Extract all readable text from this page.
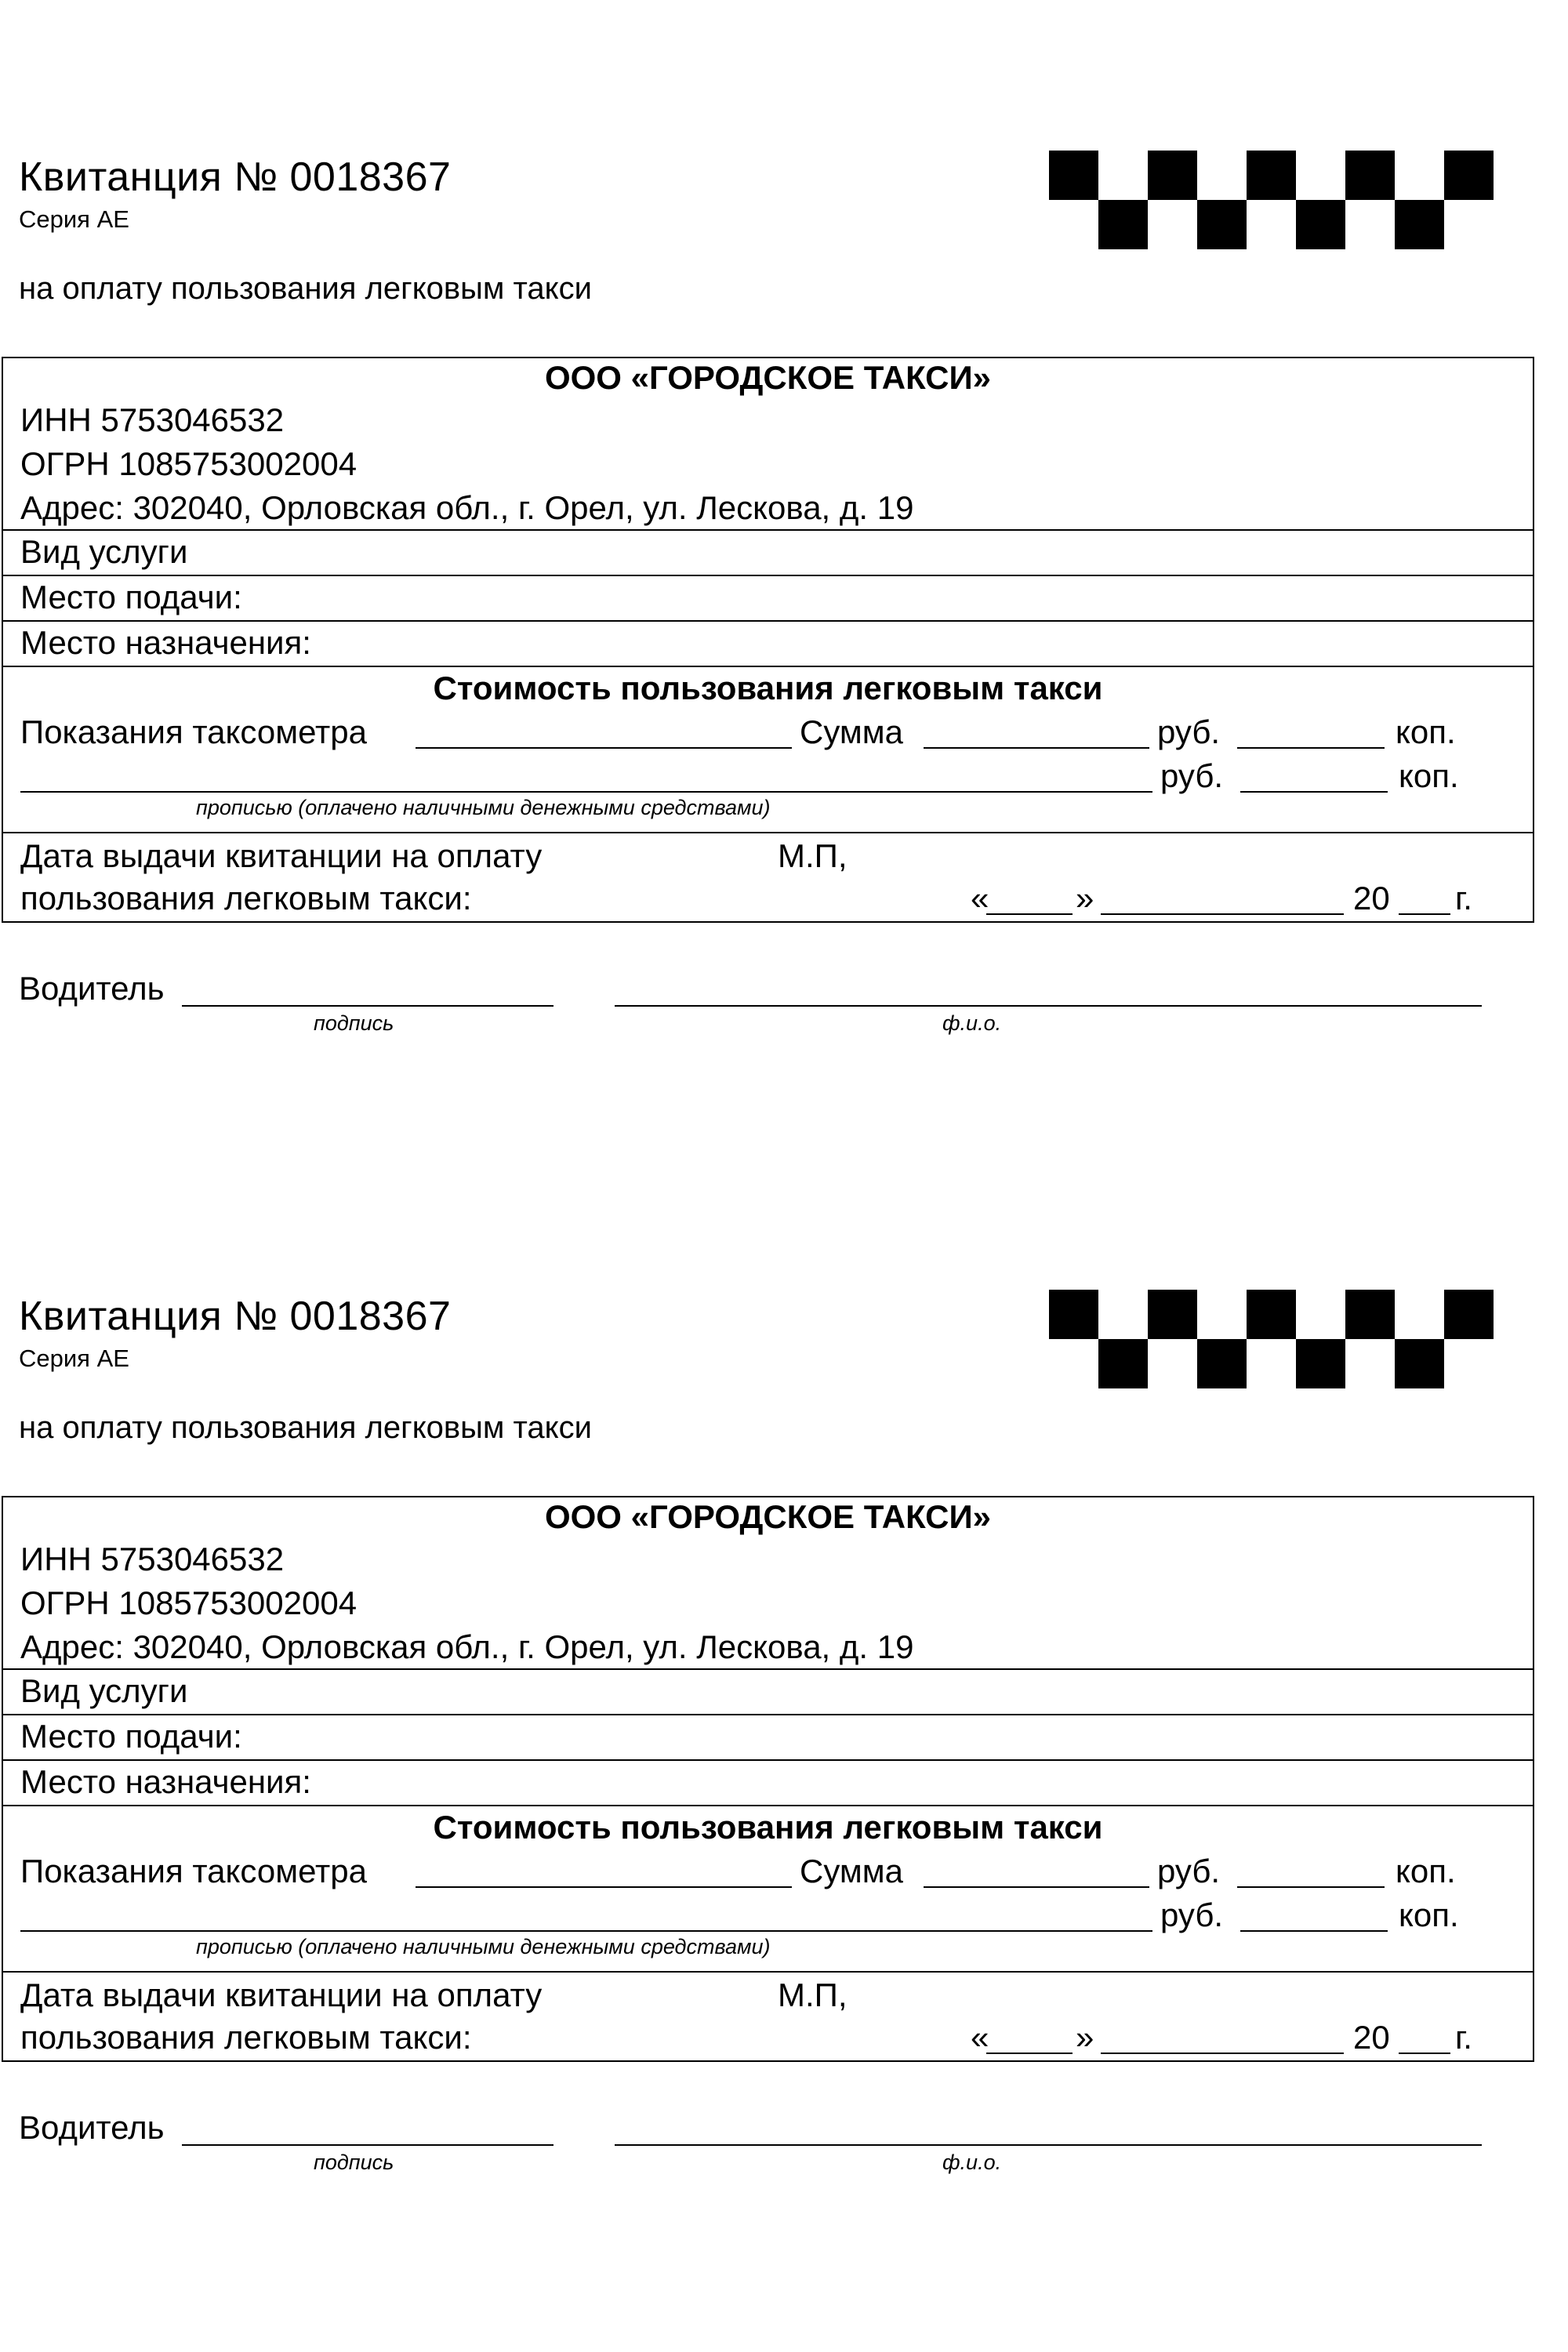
Квитанция № 0018367
Серия АЕ
на оплату пользования легковым такси
ООО «ГОРОДСКОЕ ТАКСИ»
ИНН 5753046532
ОГРН 1085753002004
Адрес: 302040, Орловская обл., г. Орел, ул. Лескова, д. 19
Вид услуги
Место подачи:
Место назначения:
Стоимость пользования легковым такси
Показания таксометра	Сумма	руб.	коп.
руб.	коп.
прописью (оплачено наличными денежными средствами)
Дата выдачи квитанции на оплату
пользования легковым такси:
М.П,
«	»	20 г.
Водитель
подпись	ф.и.о.
Квитанция № 0018367
Серия АЕ
на оплату пользования легковым такси
ООО «ГОРОДСКОЕ ТАКСИ»
ИНН 5753046532
ОГРН 1085753002004
Адрес: 302040, Орловская обл., г. Орел, ул. Лескова, д. 19
Вид услуги
Место подачи:
Место назначения:
Стоимость пользования легковым такси
Показания таксометра	Сумма	руб.	коп.
руб.	коп.
прописью (оплачено наличными денежными средствами)
Дата выдачи квитанции на оплату
пользования легковым такси:
М.П,
«	»	20 г.
Водитель
подпись	ф.и.о.
